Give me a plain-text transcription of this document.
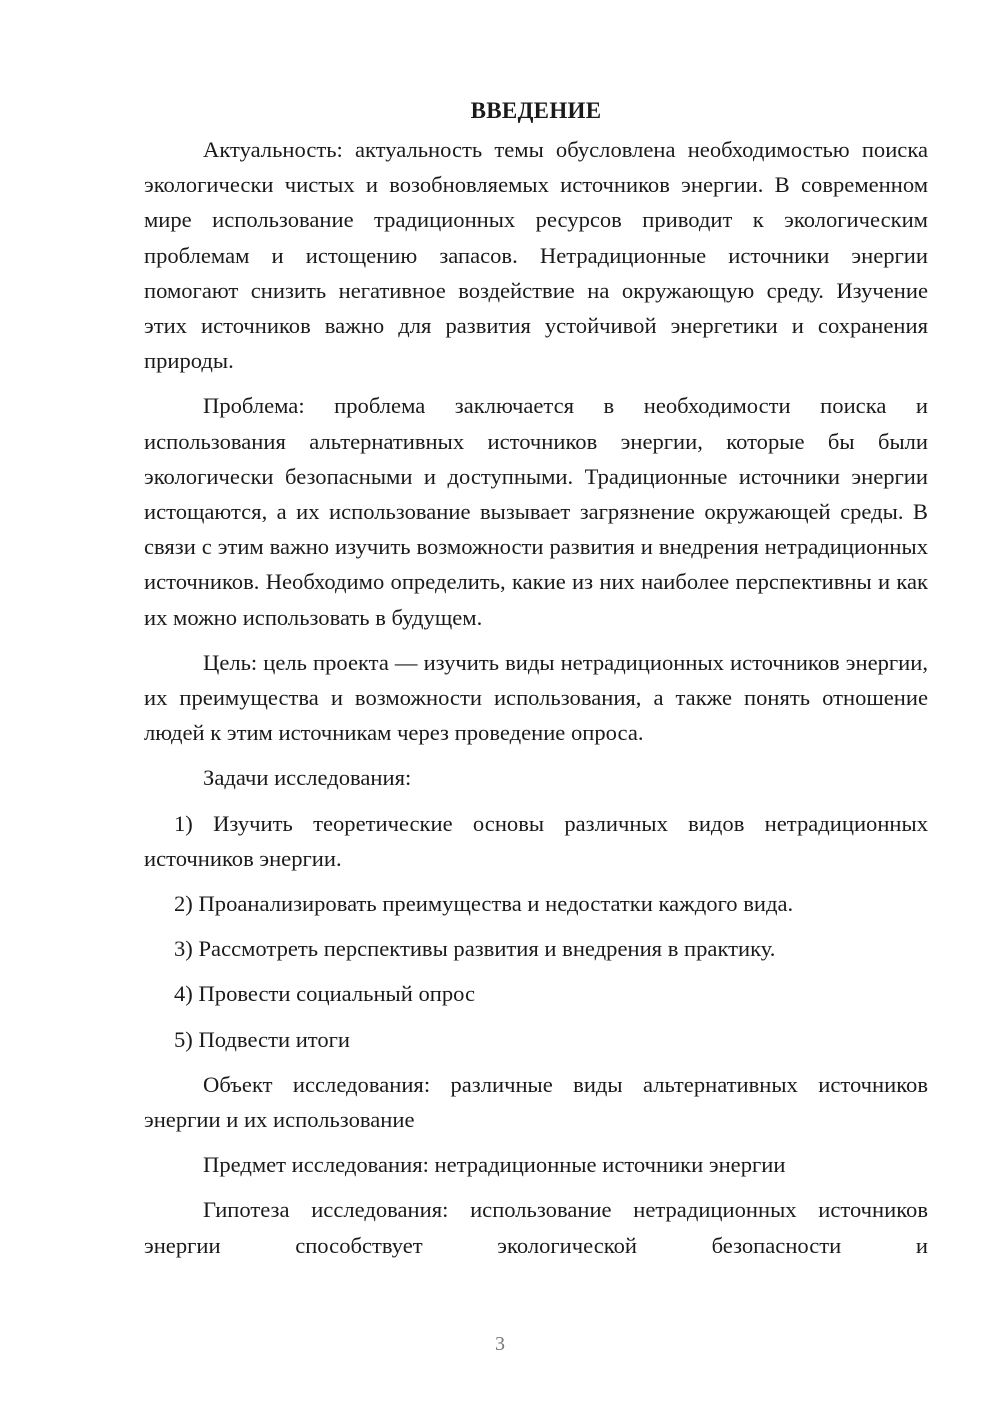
ВВЕДЕНИЕ

Актуальность: актуальность темы обусловлена необходимостью поиска экологически чистых и возобновляемых источников энергии. В современном мире использование традиционных ресурсов приводит к экологическим проблемам и истощению запасов. Нетрадиционные источники энергии помогают снизить негативное воздействие на окружающую среду. Изучение этих источников важно для развития устойчивой энергетики и сохранения природы.

Проблема: проблема заключается в необходимости поиска и использования альтернативных источников энергии, которые бы были экологически безопасными и доступными. Традиционные источники энергии истощаются, а их использование вызывает загрязнение окружающей среды. В связи с этим важно изучить возможности развития и внедрения нетрадиционных источников. Необходимо определить, какие из них наиболее перспективны и как их можно использовать в будущем.

Цель: цель проекта — изучить виды нетрадиционных источников энергии, их преимущества и возможности использования, а также понять отношение людей к этим источникам через проведение опроса.

Задачи исследования:

1) Изучить теоретические основы различных видов нетрадиционных источников энергии.

2) Проанализировать преимущества и недостатки каждого вида.

3) Рассмотреть перспективы развития и внедрения в практику.

4) Провести социальный опрос

5) Подвести итоги

Объект исследования: различные виды альтернативных источников энергии и их использование

Предмет исследования: нетрадиционные источники энергии

Гипотеза исследования: использование нетрадиционных источников энергии способствует экологической безопасности и

3
